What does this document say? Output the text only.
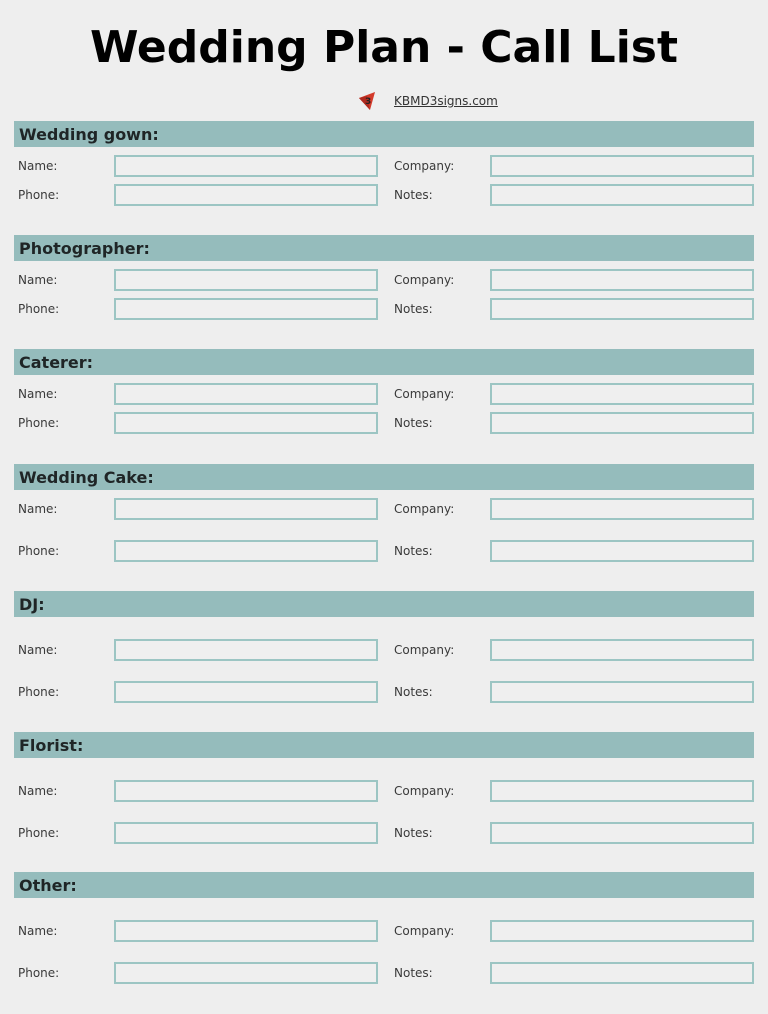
Wedding Plan - Call List
3 KBMD3signs.com
Wedding gown:
Name:	Company:
Phone:	Notes:
Photographer:
Name:	Company:
Phone:	Notes:
Caterer:
Name:	Company:
Phone:	Notes:
Wedding Cake:
Name:	Company:
Phone:	Notes:
DJ:
Name:	Company:
Phone:	Notes:
Florist:
Name:	Company:
Phone:	Notes:
Other:
Name:	Company:
Phone:	Notes:
